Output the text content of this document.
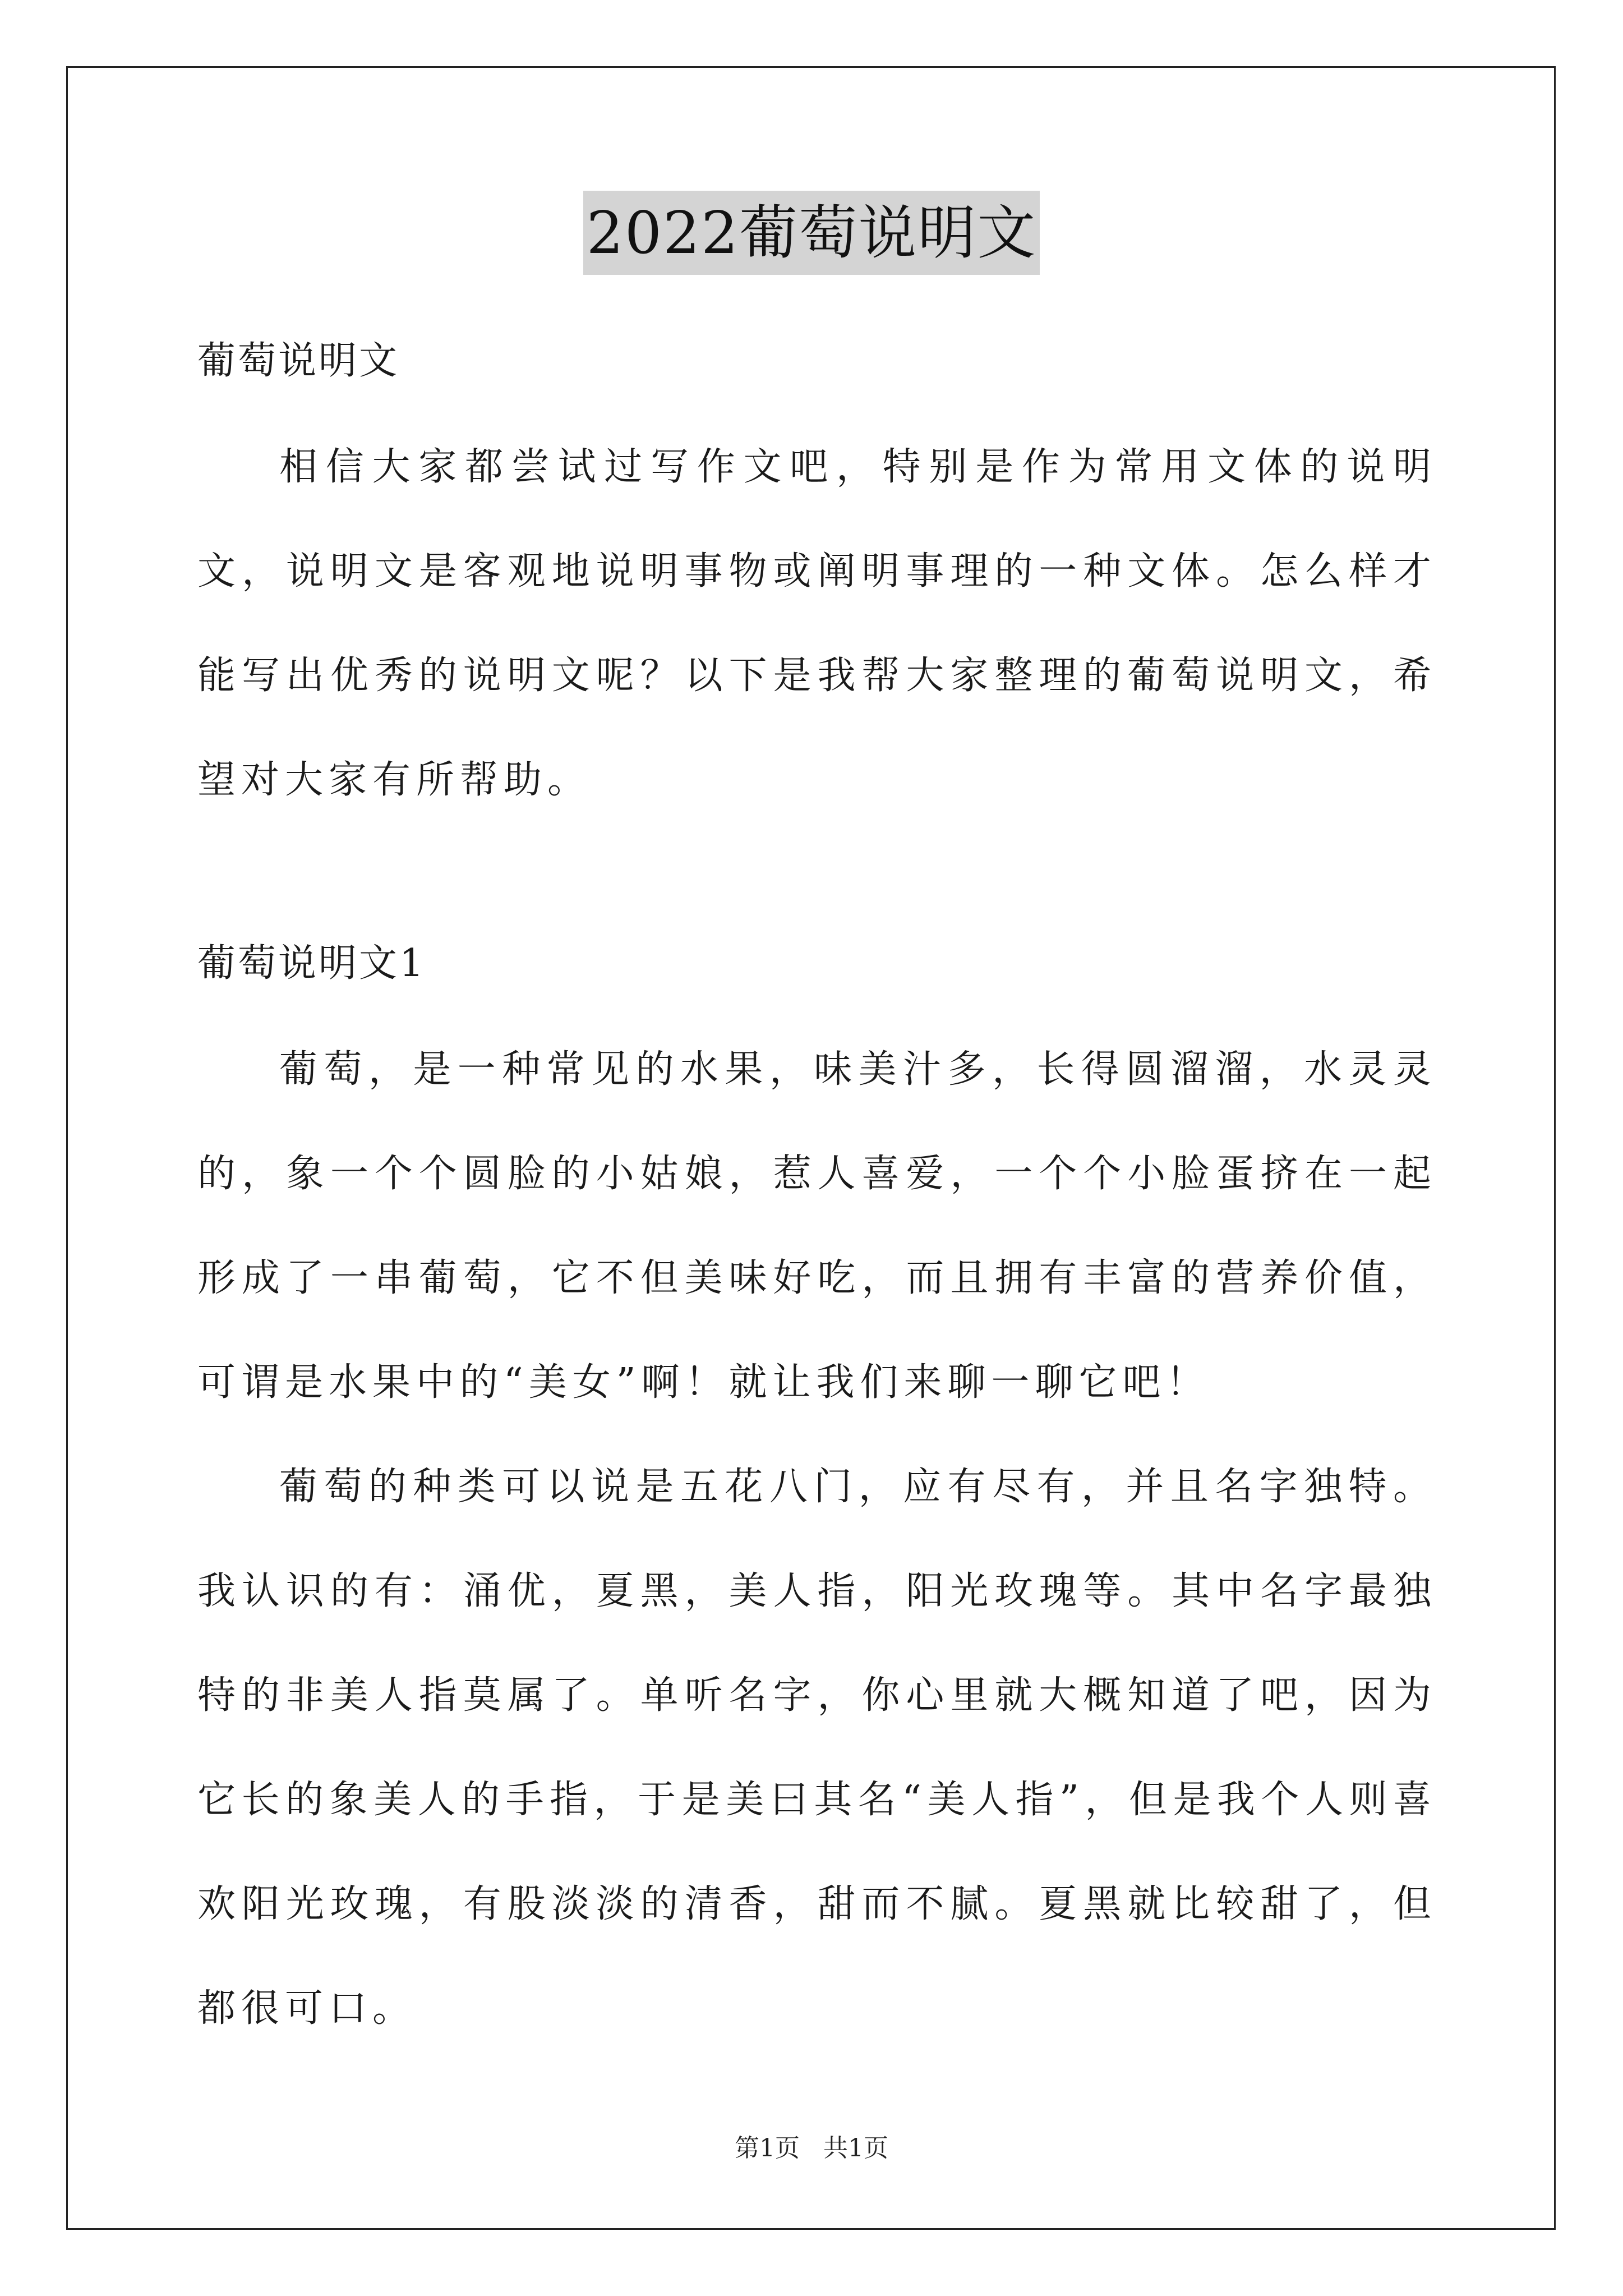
2022葡萄说明文

葡萄说明文

相信大家都尝试过写作文吧，特别是作为常用文体的说明文，说明文是客观地说明事物或阐明事理的一种文体。怎么样才能写出优秀的说明文呢？以下是我帮大家整理的葡萄说明文，希望对大家有所帮助。

葡萄说明文1

葡萄，是一种常见的水果，味美汁多，长得圆溜溜，水灵灵的，象一个个圆脸的小姑娘，惹人喜爱，一个个小脸蛋挤在一起形成了一串葡萄，它不但美味好吃，而且拥有丰富的营养价值，可谓是水果中的“美女”啊！就让我们来聊一聊它吧！

葡萄的种类可以说是五花八门，应有尽有，并且名字独特。我认识的有：涌优，夏黑，美人指，阳光玫瑰等。其中名字最独特的非美人指莫属了。单听名字，你心里就大概知道了吧，因为它长的象美人的手指，于是美曰其名“美人指”，但是我个人则喜欢阳光玫瑰，有股淡淡的清香，甜而不腻。夏黑就比较甜了，但都很可口。

第1页 共1页
